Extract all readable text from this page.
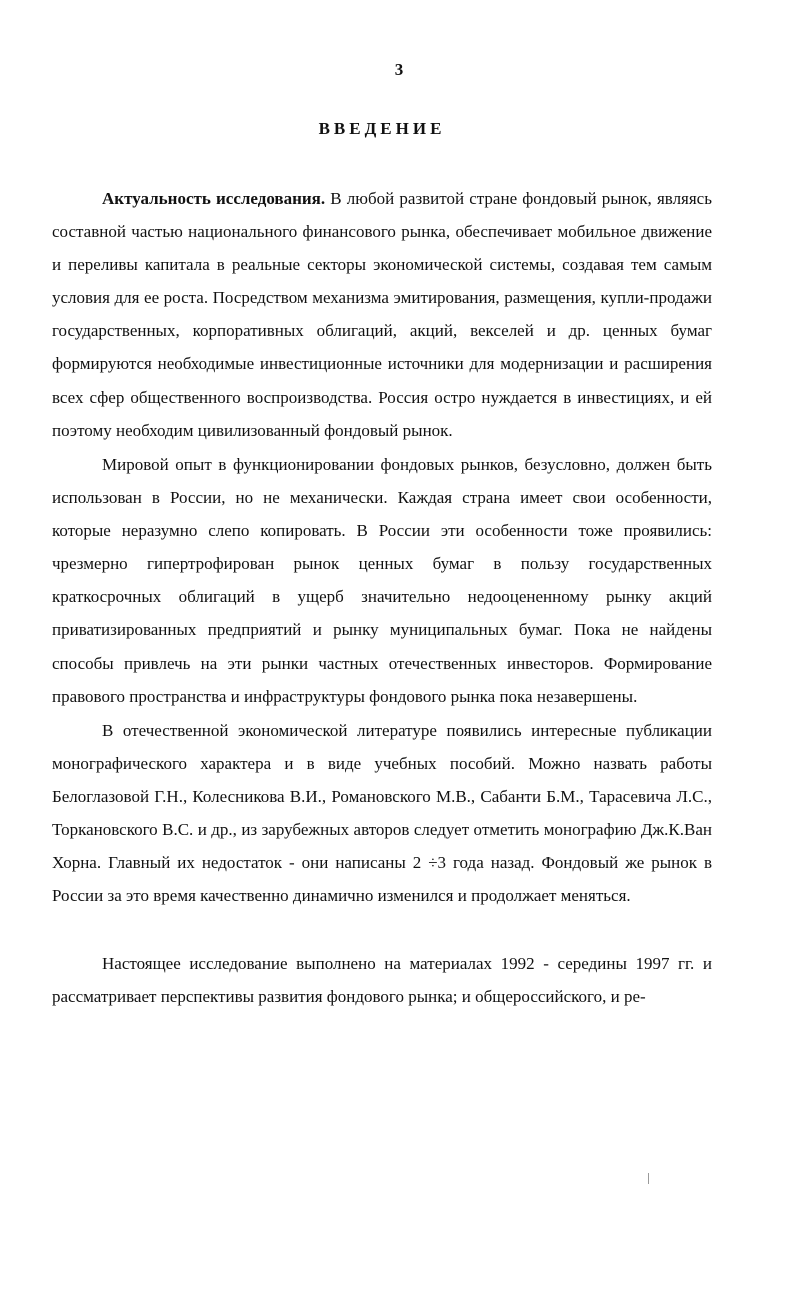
3
ВВЕДЕНИЕ

Актуальность исследования. В любой развитой стране фондовый рынок, являясь составной частью национального финансового рынка, обеспечивает мобильное движение и переливы капитала в реальные секторы экономической системы, создавая тем самым условия для ее роста. Посредством механизма эмитирования, размещения, купли-продажи государственных, корпоративных облигаций, акций, векселей и др. ценных бумаг формируются необходимые инвестиционные источники для модернизации и расширения всех сфер общественного воспроизводства. Россия остро нуждается в инвестициях, и ей поэтому необходим цивилизованный фондовый рынок.

Мировой опыт в функционировании фондовых рынков, безусловно, должен быть использован в России, но не механически. Каждая страна имеет свои особенности, которые неразумно слепо копировать. В России эти особенности тоже проявились: чрезмерно гипертрофирован рынок ценных бумаг в пользу государственных краткосрочных облигаций в ущерб значительно недооцененному рынку акций приватизированных предприятий и рынку муниципальных бумаг. Пока не найдены способы привлечь на эти рынки частных отечественных инвесторов. Формирование правового пространства и инфраструктуры фондового рынка пока незавершены.

В отечественной экономической литературе появились интересные публикации монографического характера и в виде учебных пособий. Можно назвать работы Белоглазовой Г.Н., Колесникова В.И., Романовского М.В., Сабанти Б.М., Тарасевича Л.С., Торкановского В.С. и др., из зарубежных авторов следует отметить монографию Дж.К.Ван Хорна. Главный их недостаток - они написаны 2 ÷3 года назад. Фондовый же рынок в России за это время качественно динамично изменился и продолжает меняться.

Настоящее исследование выполнено на материалах 1992 - середины 1997 гг. и рассматривает перспективы развития фондового рынка; и общероссийского, и ре-
